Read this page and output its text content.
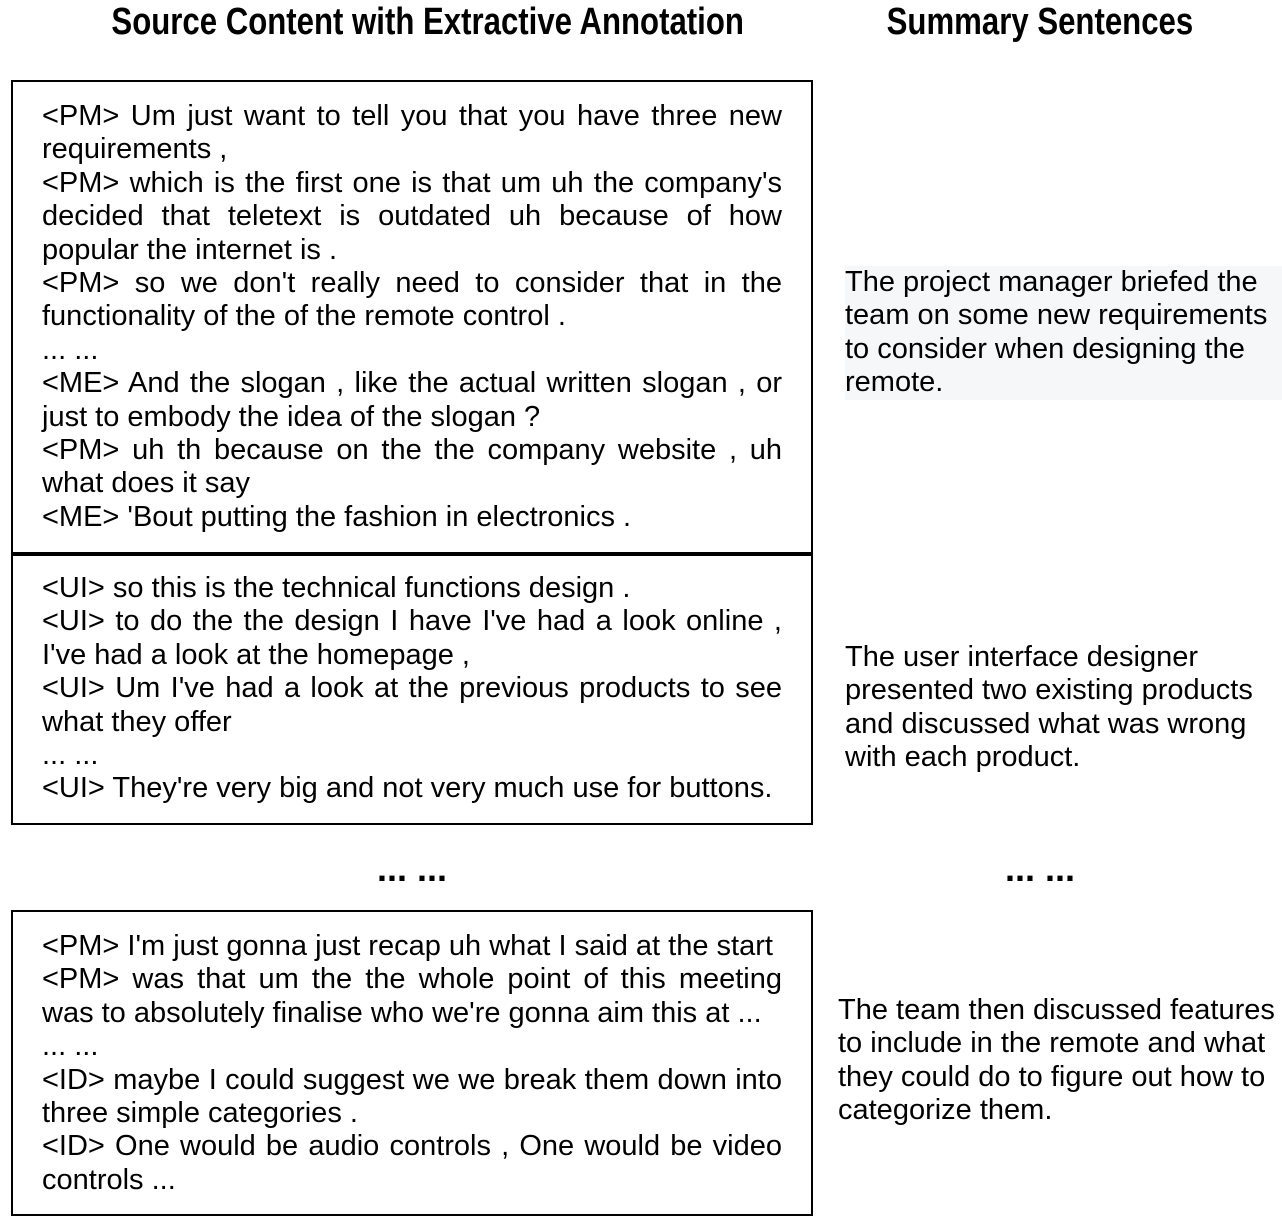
Source Content with Extractive Annotation	Summary Sentences

<PM> Um just want to tell you that you have three new requirements ,

<PM> which is the first one is that um uh the company's decided that teletext is outdated uh because of how popular the internet is .

<PM> so we don't really need to consider that in the functionality of the of the remote control .

... ...

<ME> And the slogan , like the actual written slogan , or just to embody the idea of the slogan ?

<PM> uh th because on the the company website , uh what does it say

<ME> 'Bout putting the fashion in electronics .

<UI> so this is the technical functions design .

<UI> to do the the design I have I've had a look online , I've had a look at the homepage ,

<UI> Um I've had a look at the previous products to see what they offer

... ...

<UI> They're very big and not very much use for buttons.

The project manager briefed the team on some new requirements to consider when designing the remote.
The user interface designer presented two existing products and discussed what was wrong with each product.
... ...	... ...

<PM> I'm just gonna just recap uh what I said at the start

<PM> was that um the the whole point of this meeting was to absolutely finalise who we're gonna aim this at ...

... ...

<ID> maybe I could suggest we we break them down into three simple categories .

<ID> One would be audio controls , One would be video controls ...

The team then discussed features to include in the remote and what they could do to figure out how to categorize them.
